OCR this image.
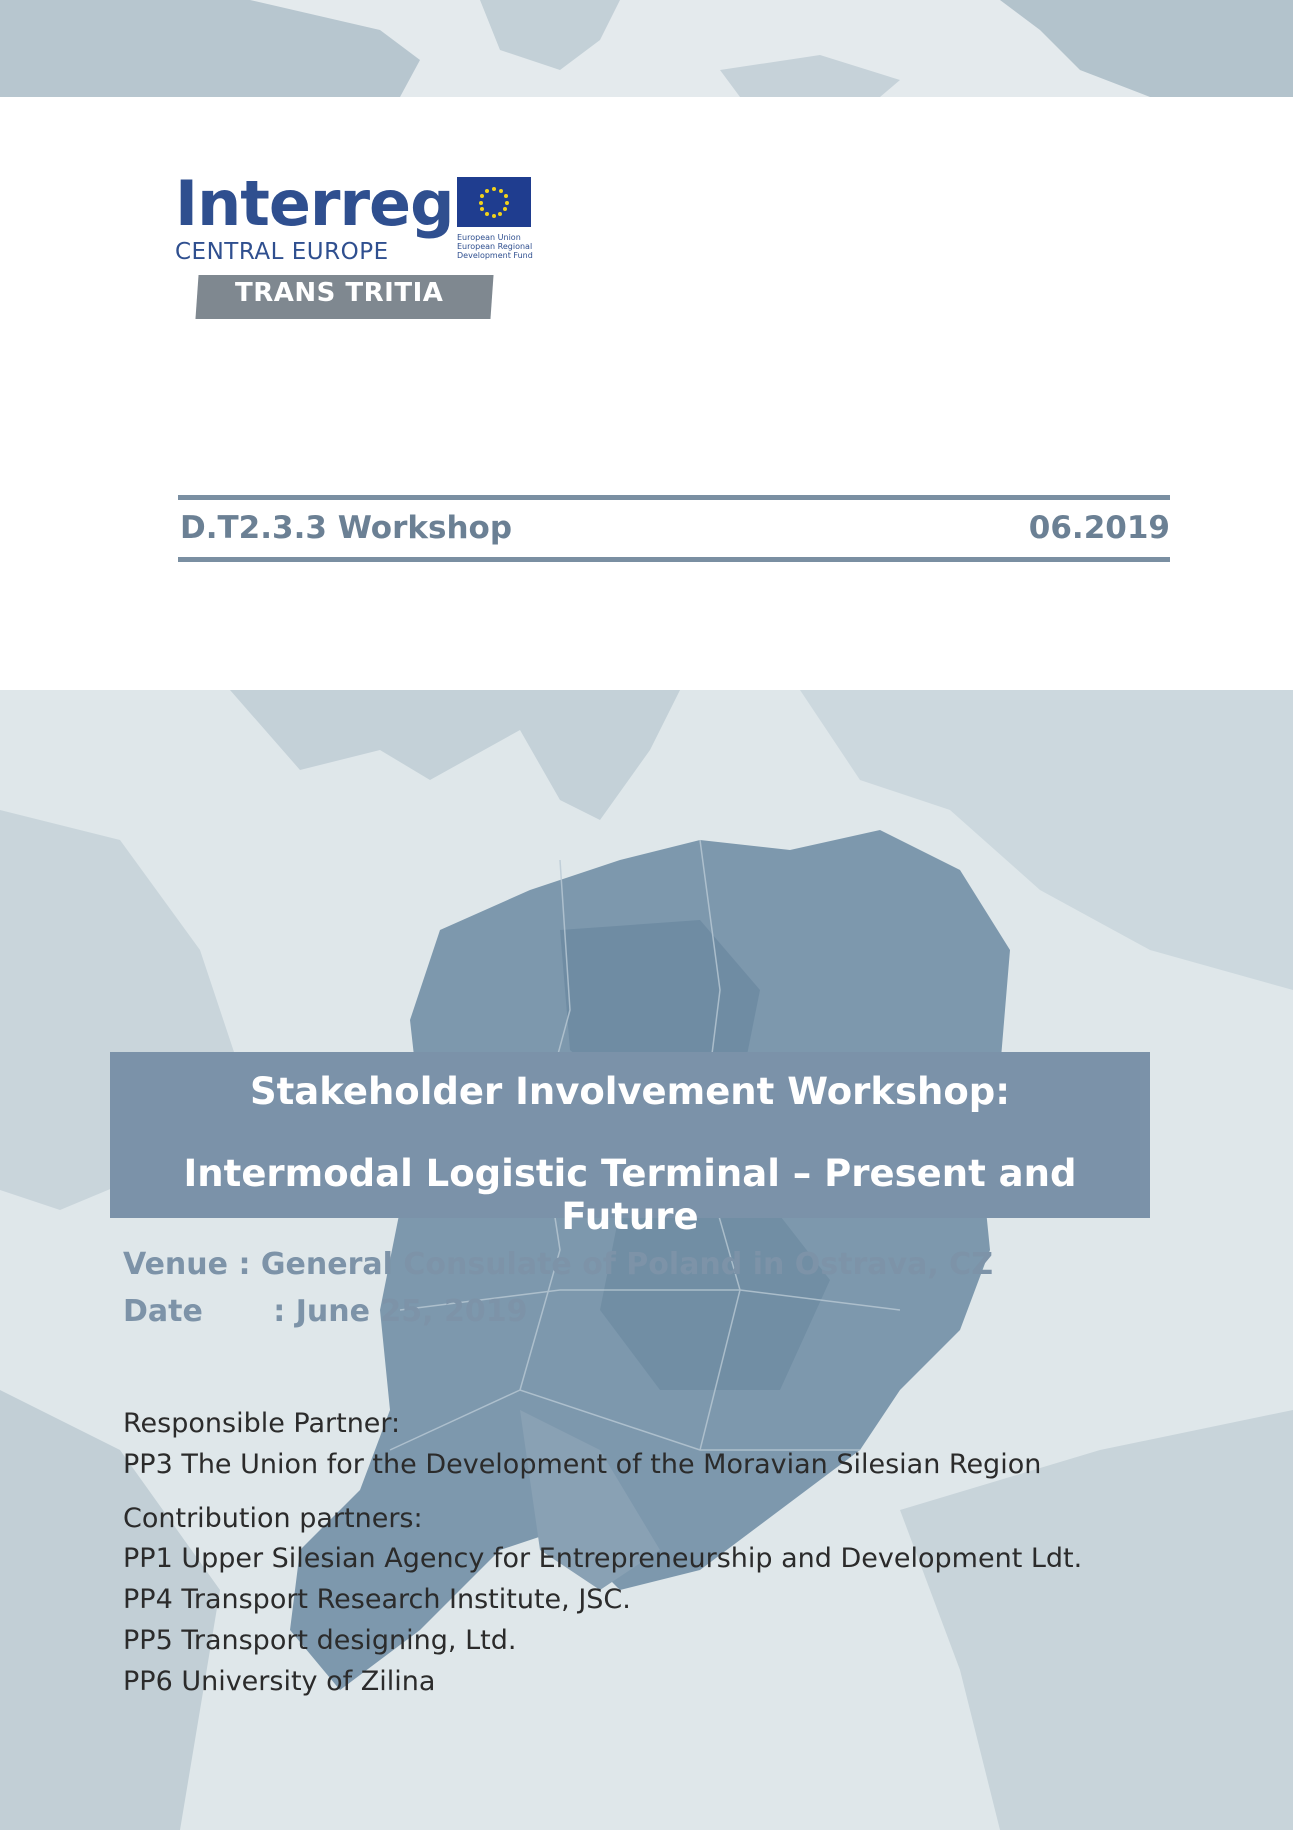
Interreg
CENTRAL EUROPE
European Union
European Regional
Development Fund
TRANS TRITIA
D.T2.3.3 Workshop	06.2019
Stakeholder Involvement Workshop:
Intermodal Logistic Terminal – Present and Future
Venue : General Consulate of Poland in Ostrava, CZ
Date : June 25, 2019
Responsible Partner:
PP3 The Union for the Development of the Moravian Silesian Region
Contribution partners:
PP1 Upper Silesian Agency for Entrepreneurship and Development Ldt.
PP4 Transport Research Institute, JSC.
PP5 Transport designing, Ltd.
PP6 University of Zilina
